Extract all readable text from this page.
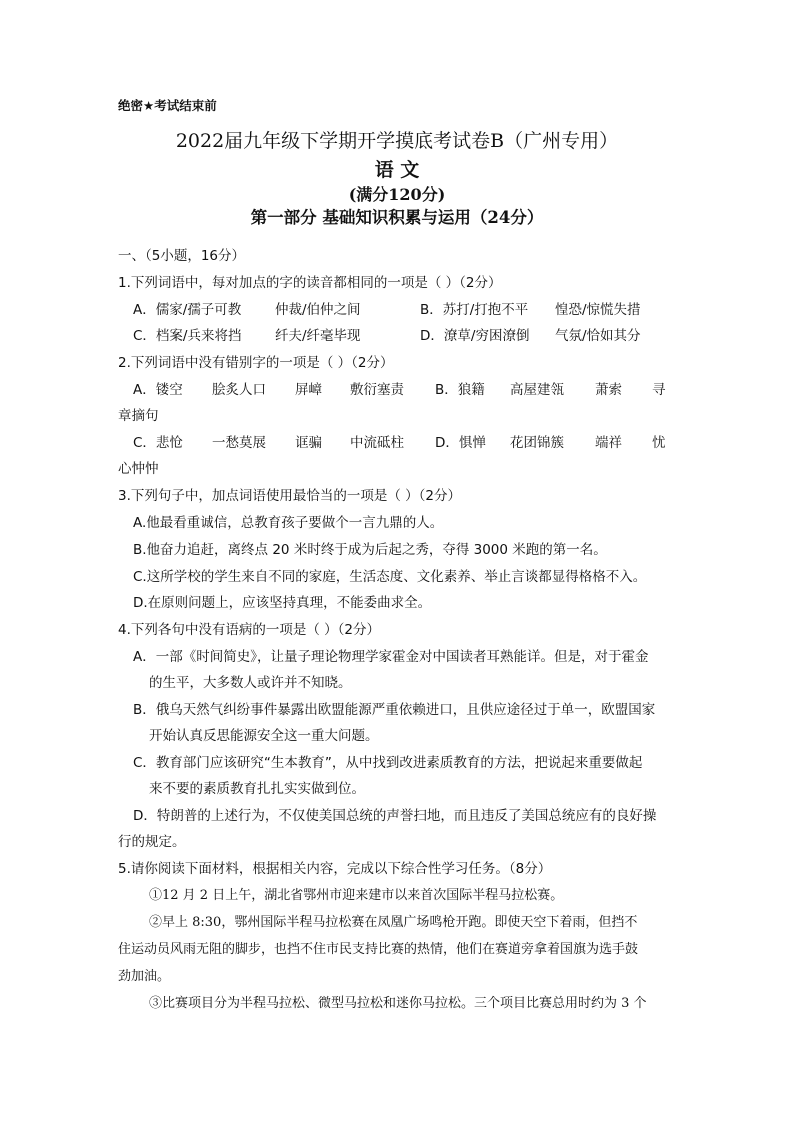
绝密★考试结束前
2022届九年级下学期开学摸底考试卷B（广州专用）
语 文
(满分120分)
第一部分 基础知识积累与运用（24分）
一、（5小题，16分）
1.下列词语中，每对加点的字的读音都相同的一项是（ ）（2分）
A．儒家/孺子可教 仲裁/伯仲之间	B．苏打/打抱不平 惶恐/惊慌失措
C．档案/兵来将挡 纤夫/纤毫毕现	D．潦草/穷困潦倒 气氛/恰如其分
2.下列词语中没有错别字的一项是（ ）（2分）
A．镂空 脍炙人口 屏嶂 敷衍塞责 B．狼籍 高屋建瓴 萧索 寻
章摘句
C．悲怆 一愁莫展 诓骗 中流砥柱 D．惧惮 花团锦簇 端祥 忧
心忡忡
3.下列句子中，加点词语使用最恰当的一项是（ ）（2分）
A.他最看重诚信，总教育孩子要做个一言九鼎的人。
B.他奋力追赶，离终点 20 米时终于成为后起之秀，夺得 3000 米跑的第一名。
C.这所学校的学生来自不同的家庭，生活态度、文化素养、举止言谈都显得格格不入。
D.在原则问题上，应该坚持真理，不能委曲求全。
4.下列各句中没有语病的一项是（ ）（2分）
A．一部《时间简史》，让量子理论物理学家霍金对中国读者耳熟能详。但是，对于霍金
的生平，大多数人或许并不知晓。
B．俄乌天然气纠纷事件暴露出欧盟能源严重依赖进口，且供应途径过于单一，欧盟国家
开始认真反思能源安全这一重大问题。
C．教育部门应该研究“生本教育”，从中找到改进素质教育的方法，把说起来重要做起
来不要的素质教育扎扎实实做到位。
D．特朗普的上述行为，不仅使美国总统的声誉扫地，而且违反了美国总统应有的良好操
行的规定。
5.请你阅读下面材料，根据相关内容，完成以下综合性学习任务。（8分）
①12 月 2 日上午，湖北省鄂州市迎来建市以来首次国际半程马拉松赛。
②早上 8:30，鄂州国际半程马拉松赛在凤凰广场鸣枪开跑。即使天空下着雨，但挡不
住运动员风雨无阻的脚步，也挡不住市民支持比赛的热情，他们在赛道旁拿着国旗为选手鼓
劲加油。
③比赛项目分为半程马拉松、微型马拉松和迷你马拉松。三个项目比赛总用时约为 3 个
